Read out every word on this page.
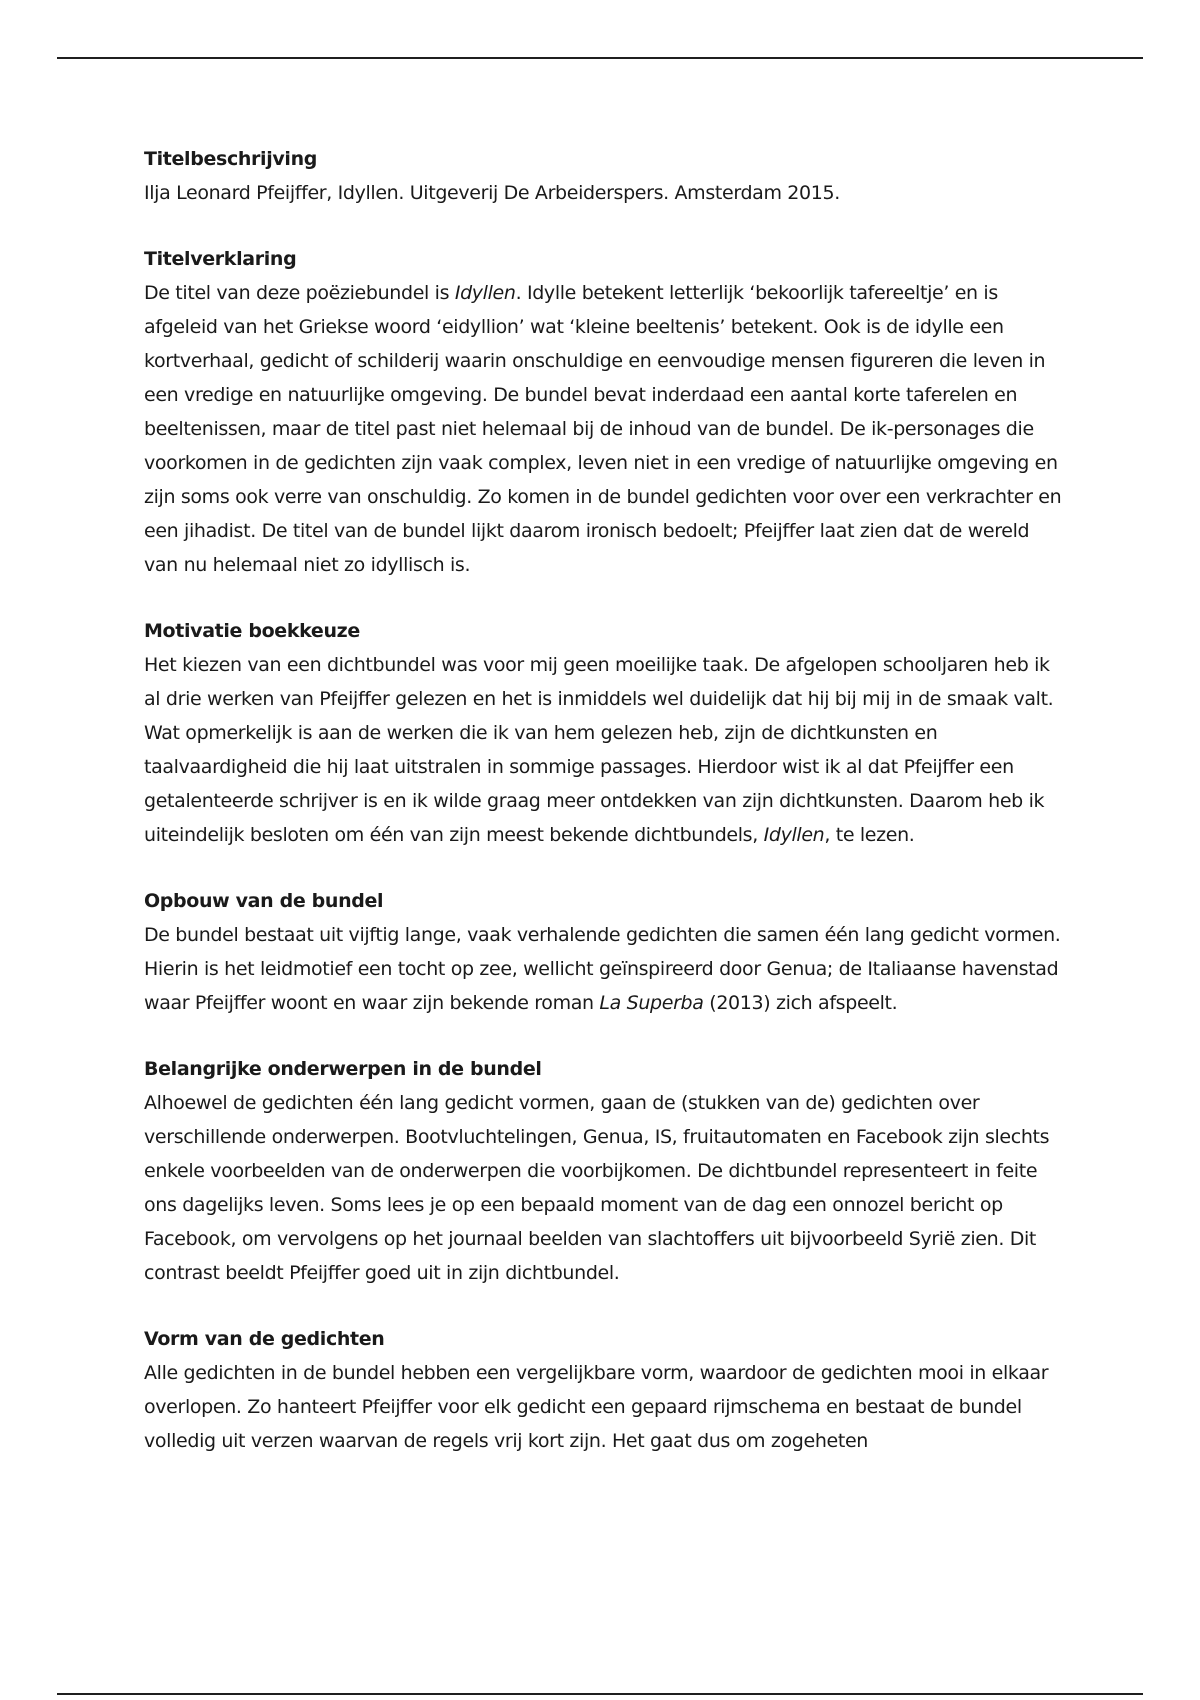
Titelbeschrijving

Ilja Leonard Pfeijffer, Idyllen. Uitgeverij De Arbeiderspers. Amsterdam 2015.

Titelverklaring

De titel van deze poëziebundel is Idyllen. Idylle betekent letterlijk ‘bekoorlijk tafereeltje’ en is afgeleid van het Griekse woord ‘eidyllion’ wat ‘kleine beeltenis’ betekent. Ook is de idylle een kortverhaal, gedicht of schilderij waarin onschuldige en eenvoudige mensen figureren die leven in een vredige en natuurlijke omgeving. De bundel bevat inderdaad een aantal korte taferelen en beeltenissen, maar de titel past niet helemaal bij de inhoud van de bundel. De ik-personages die voorkomen in de gedichten zijn vaak complex, leven niet in een vredige of natuurlijke omgeving en zijn soms ook verre van onschuldig. Zo komen in de bundel gedichten voor over een verkrachter en een jihadist. De titel van de bundel lijkt daarom ironisch bedoelt; Pfeijffer laat zien dat de wereld van nu helemaal niet zo idyllisch is.

Motivatie boekkeuze

Het kiezen van een dichtbundel was voor mij geen moeilijke taak. De afgelopen schooljaren heb ik al drie werken van Pfeijffer gelezen en het is inmiddels wel duidelijk dat hij bij mij in de smaak valt. Wat opmerkelijk is aan de werken die ik van hem gelezen heb, zijn de dichtkunsten en taalvaardigheid die hij laat uitstralen in sommige passages. Hierdoor wist ik al dat Pfeijffer een getalenteerde schrijver is en ik wilde graag meer ontdekken van zijn dichtkunsten. Daarom heb ik uiteindelijk besloten om één van zijn meest bekende dichtbundels, Idyllen, te lezen.

Opbouw van de bundel

De bundel bestaat uit vijftig lange, vaak verhalende gedichten die samen één lang gedicht vormen. Hierin is het leidmotief een tocht op zee, wellicht geïnspireerd door Genua; de Italiaanse havenstad waar Pfeijffer woont en waar zijn bekende roman La Superba (2013) zich afspeelt.

Belangrijke onderwerpen in de bundel

Alhoewel de gedichten één lang gedicht vormen, gaan de (stukken van de) gedichten over verschillende onderwerpen. Bootvluchtelingen, Genua, IS, fruitautomaten en Facebook zijn slechts enkele voorbeelden van de onderwerpen die voorbijkomen. De dichtbundel representeert in feite ons dagelijks leven. Soms lees je op een bepaald moment van de dag een onnozel bericht op Facebook, om vervolgens op het journaal beelden van slachtoffers uit bijvoorbeeld Syrië zien. Dit contrast beeldt Pfeijffer goed uit in zijn dichtbundel.

Vorm van de gedichten

Alle gedichten in de bundel hebben een vergelijkbare vorm, waardoor de gedichten mooi in elkaar overlopen. Zo hanteert Pfeijffer voor elk gedicht een gepaard rijmschema en bestaat de bundel volledig uit verzen waarvan de regels vrij kort zijn. Het gaat dus om zogeheten
